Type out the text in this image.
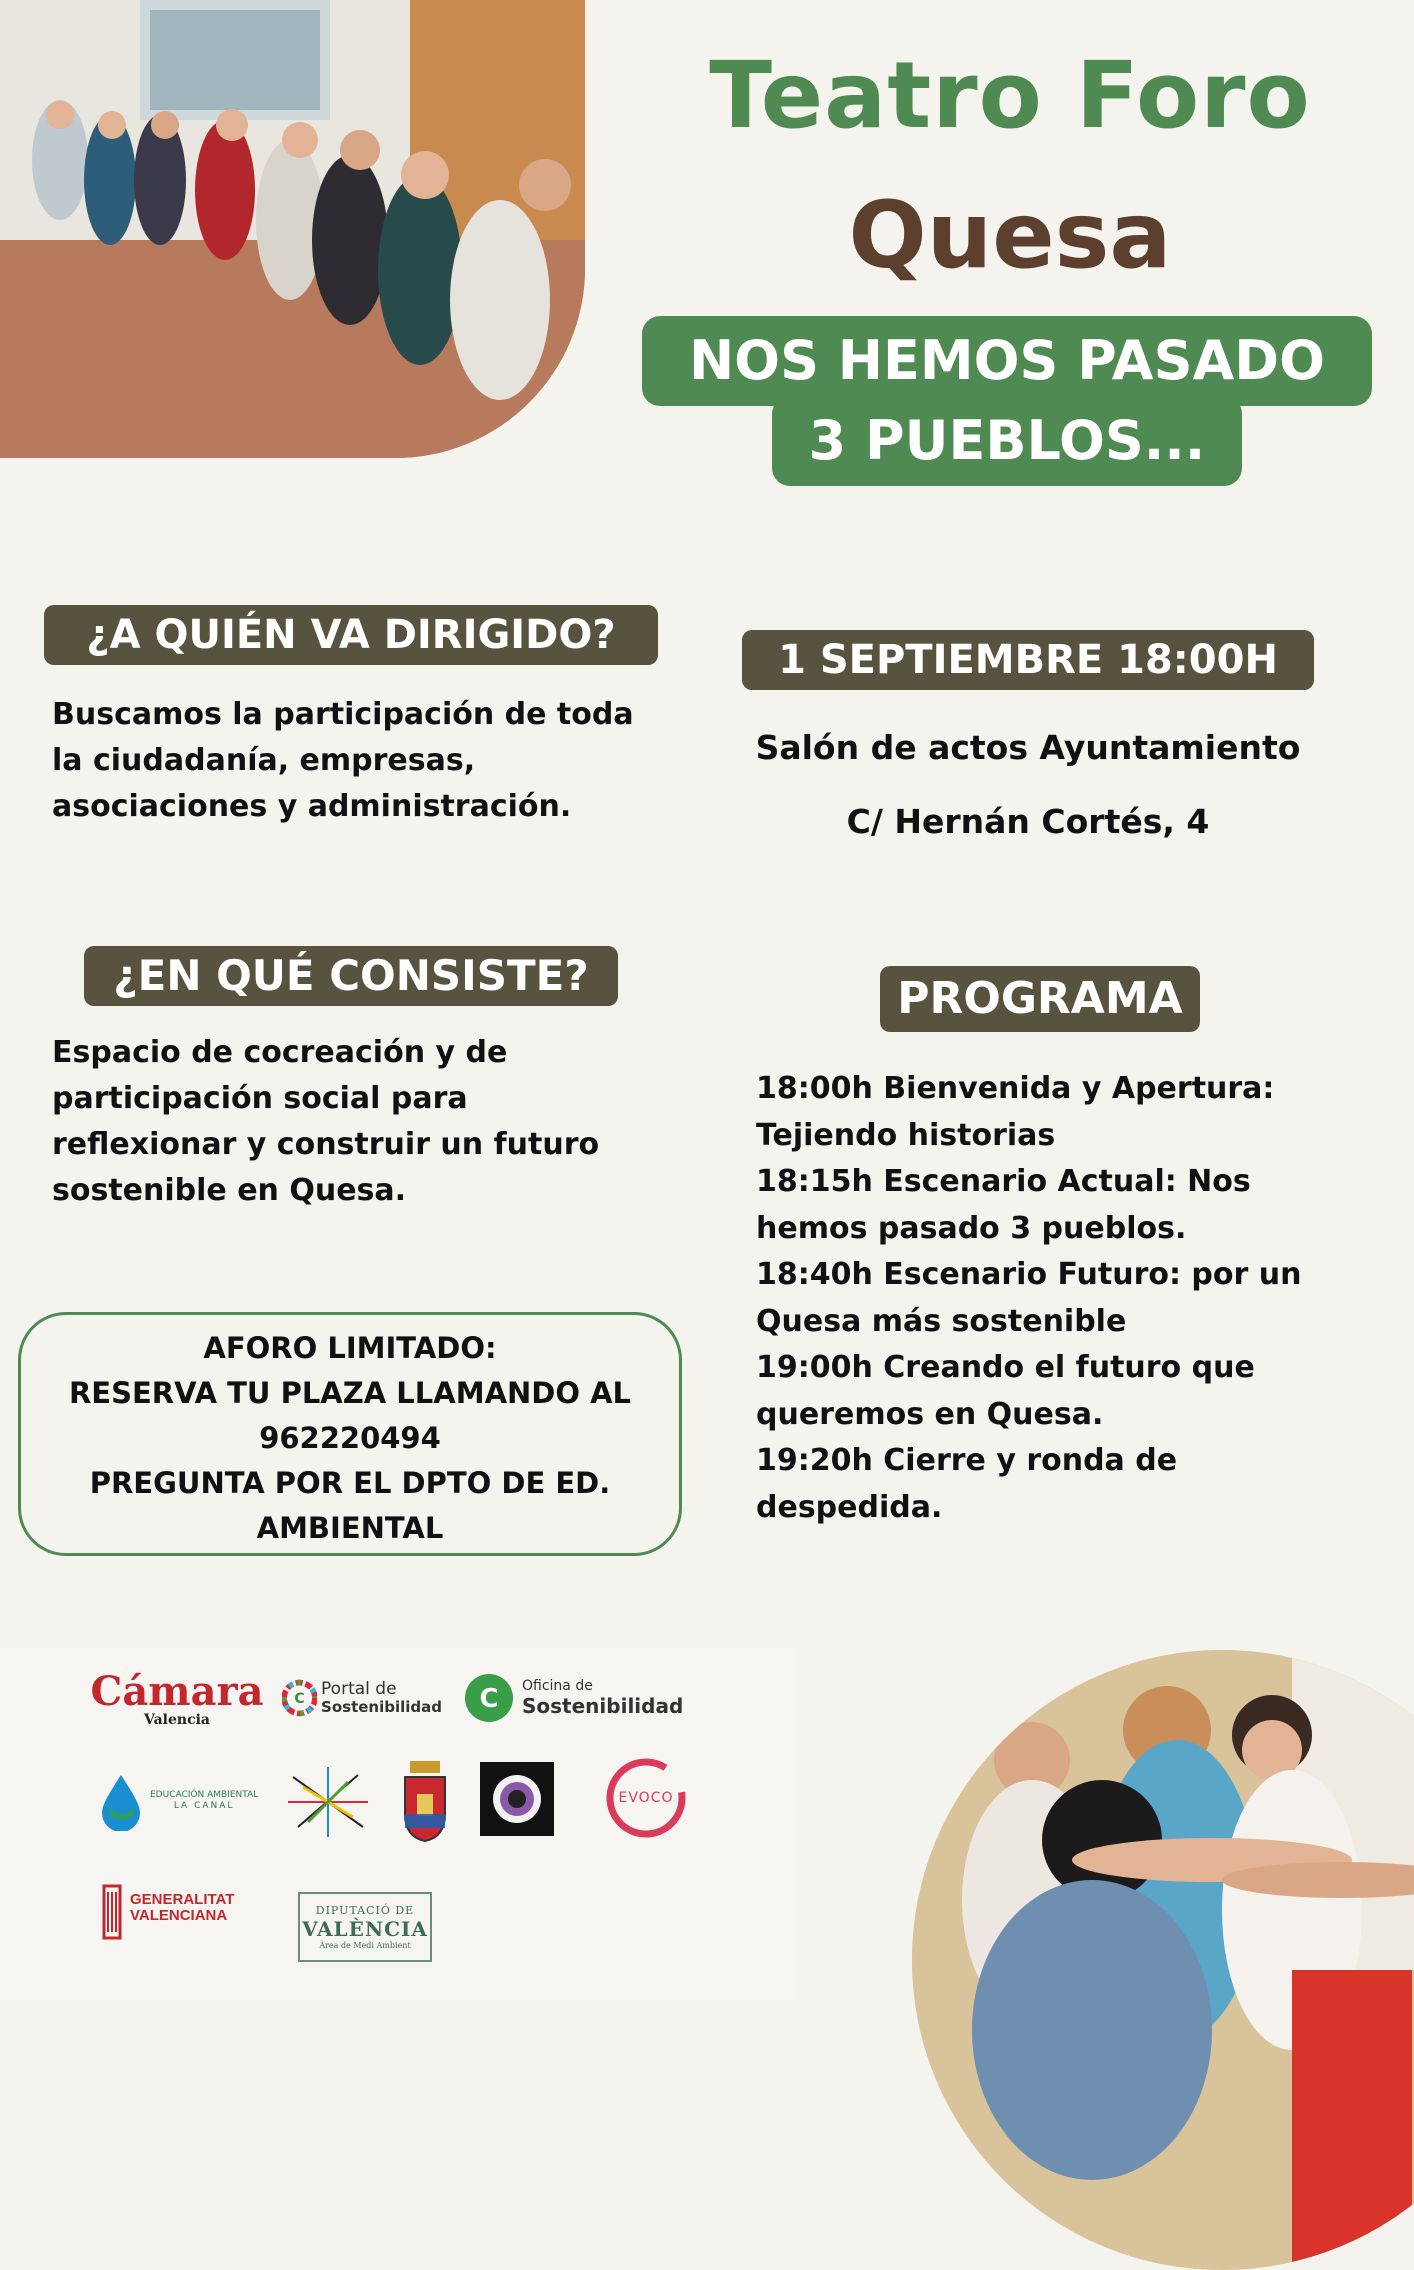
Teatro Foro
Quesa
NOS HEMOS PASADO
3 PUEBLOS...
¿A QUIÉN VA DIRIGIDO?
Buscamos la participación de toda
la ciudadanía, empresas,
asociaciones y administración.
1 SEPTIEMBRE 18:00H
Salón de actos Ayuntamiento
C/ Hernán Cortés, 4
¿EN QUÉ CONSISTE?
Espacio de cocreación y de
participación social para
reflexionar y construir un futuro
sostenible en Quesa.
PROGRAMA
18:00h Bienvenida y Apertura:
Tejiendo historias
18:15h Escenario Actual: Nos
hemos pasado 3 pueblos.
18:40h Escenario Futuro: por un
Quesa más sostenible
19:00h Creando el futuro que
queremos en Quesa.
19:20h Cierre y ronda de
despedida.
AFORO LIMITADO:
RESERVA TU PLAZA LLAMANDO AL
962220494
PREGUNTA POR EL DPTO DE ED.
AMBIENTAL
Cámara
Valencia
C Portal de
Sostenibilidad C Oficina de
Sostenibilidad
EDUCACIÓN AMBIENTAL
LA CANAL	EVOCO
GENERALITAT
VALENCIANA	DIPUTACIÓ DE
VALÈNCIA
Àrea de Medi Ambient
